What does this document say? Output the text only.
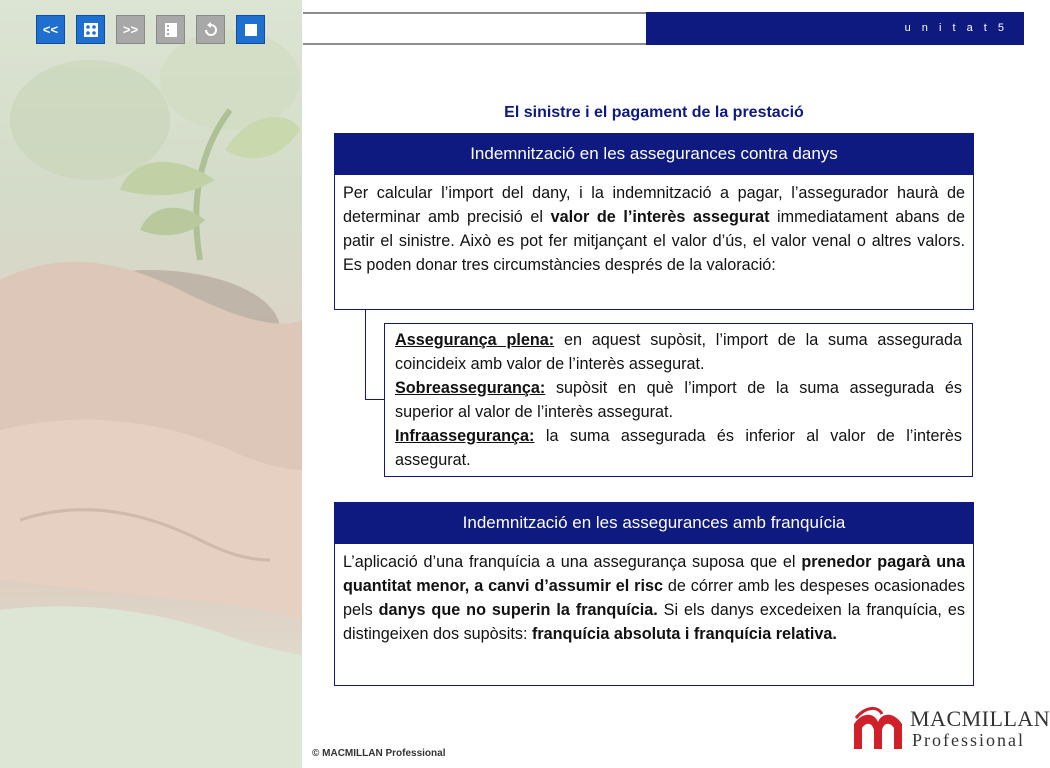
<<	>>	u n i t a t 5
El sinistre i el pagament de la prestació
Indemnització en les assegurances contra danys
Per calcular l’import del dany, i la indemnització a pagar, l’assegurador haurà de determinar amb precisió el valor de l’interès assegurat immediatament abans de patir el sinistre. Això es pot fer mitjançant el valor d’ús, el valor venal o altres valors. Es poden donar tres circumstàncies després de la valoració:
Assegurança plena: en aquest supòsit, l’import de la suma assegurada coincideix amb valor de l’interès assegurat.
Sobreassegurança: supòsit en què l’import de la suma assegurada és superior al valor de l’interès assegurat.
Infraassegurança: la suma assegurada és inferior al valor de l’interès assegurat.
Indemnització en les assegurances amb franquícia
L’aplicació d’una franquícia a una assegurança suposa que el prenedor pagarà una quantitat menor, a canvi d’assumir el risc de córrer amb les despeses ocasionades pels danys que no superin la franquícia. Si els danys excedeixen la franquícia, es distingeixen dos supòsits: franquícia absoluta i franquícia relativa.
© MACMILLAN Professional
MACMILLAN
Professional
